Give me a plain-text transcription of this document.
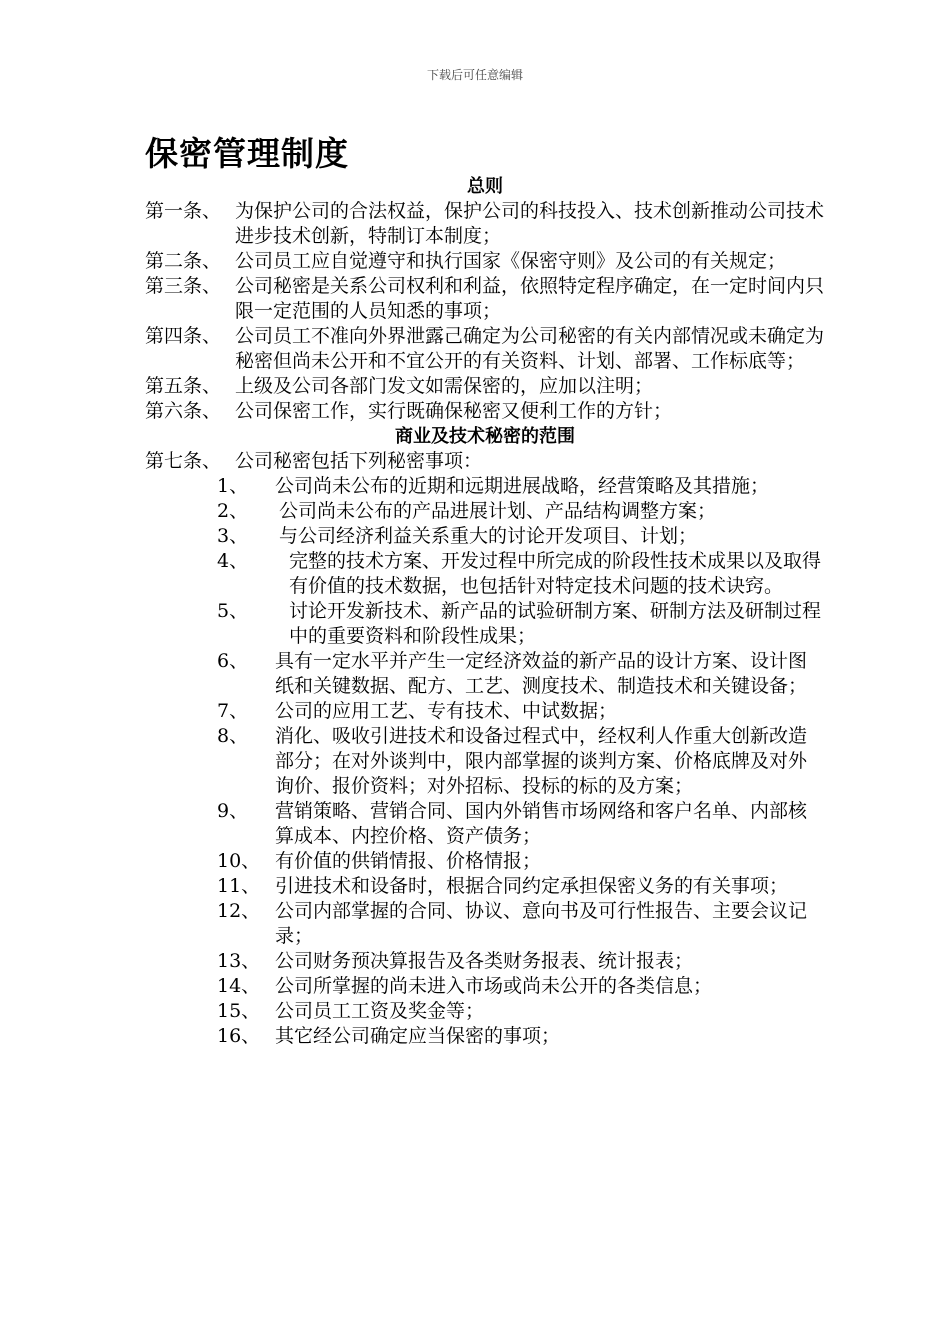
下载后可任意编辑
保密管理制度
总则
第一条、 为保护公司的合法权益，保护公司的科技投入、技术创新推动公司技术进步技术创新，特制订本制度；
第二条、 公司员工应自觉遵守和执行国家《保密守则》及公司的有关规定；
第三条、 公司秘密是关系公司权利和利益，依照特定程序确定，在一定时间内只限一定范围的人员知悉的事项；
第四条、 公司员工不准向外界泄露己确定为公司秘密的有关内部情况或未确定为秘密但尚未公开和不宜公开的有关资料、计划、部署、工作标底等；
第五条、 上级及公司各部门发文如需保密的，应加以注明；
第六条、 公司保密工作，实行既确保秘密又便利工作的方针；
商业及技术秘密的范围
第七条、 公司秘密包括下列秘密事项：
1、	公司尚未公布的近期和远期进展战略，经营策略及其措施；
2、	公司尚未公布的产品进展计划、产品结构调整方案；
3、	与公司经济利益关系重大的讨论开发项目、计划；
4、	完整的技术方案、开发过程中所完成的阶段性技术成果以及取得有价值的技术数据，也包括针对特定技术问题的技术诀窍。
5、	讨论开发新技术、新产品的试验研制方案、研制方法及研制过程中的重要资料和阶段性成果；
6、	具有一定水平并产生一定经济效益的新产品的设计方案、设计图纸和关键数据、配方、工艺、测度技术、制造技术和关键设备；
7、	公司的应用工艺、专有技术、中试数据；
8、	消化、吸收引进技术和设备过程式中，经权利人作重大创新改造部分；在对外谈判中，限内部掌握的谈判方案、价格底牌及对外询价、报价资料；对外招标、投标的标的及方案；
9、	营销策略、营销合同、国内外销售市场网络和客户名单、内部核算成本、内控价格、资产债务；
10、 有价值的供销情报、价格情报；
11、 引进技术和设备时，根据合同约定承担保密义务的有关事项；
12、 公司内部掌握的合同、协议、意向书及可行性报告、主要会议记录；
13、 公司财务预决算报告及各类财务报表、统计报表；
14、 公司所掌握的尚未进入市场或尚未公开的各类信息；
15、 公司员工工资及奖金等；
16、 其它经公司确定应当保密的事项；
